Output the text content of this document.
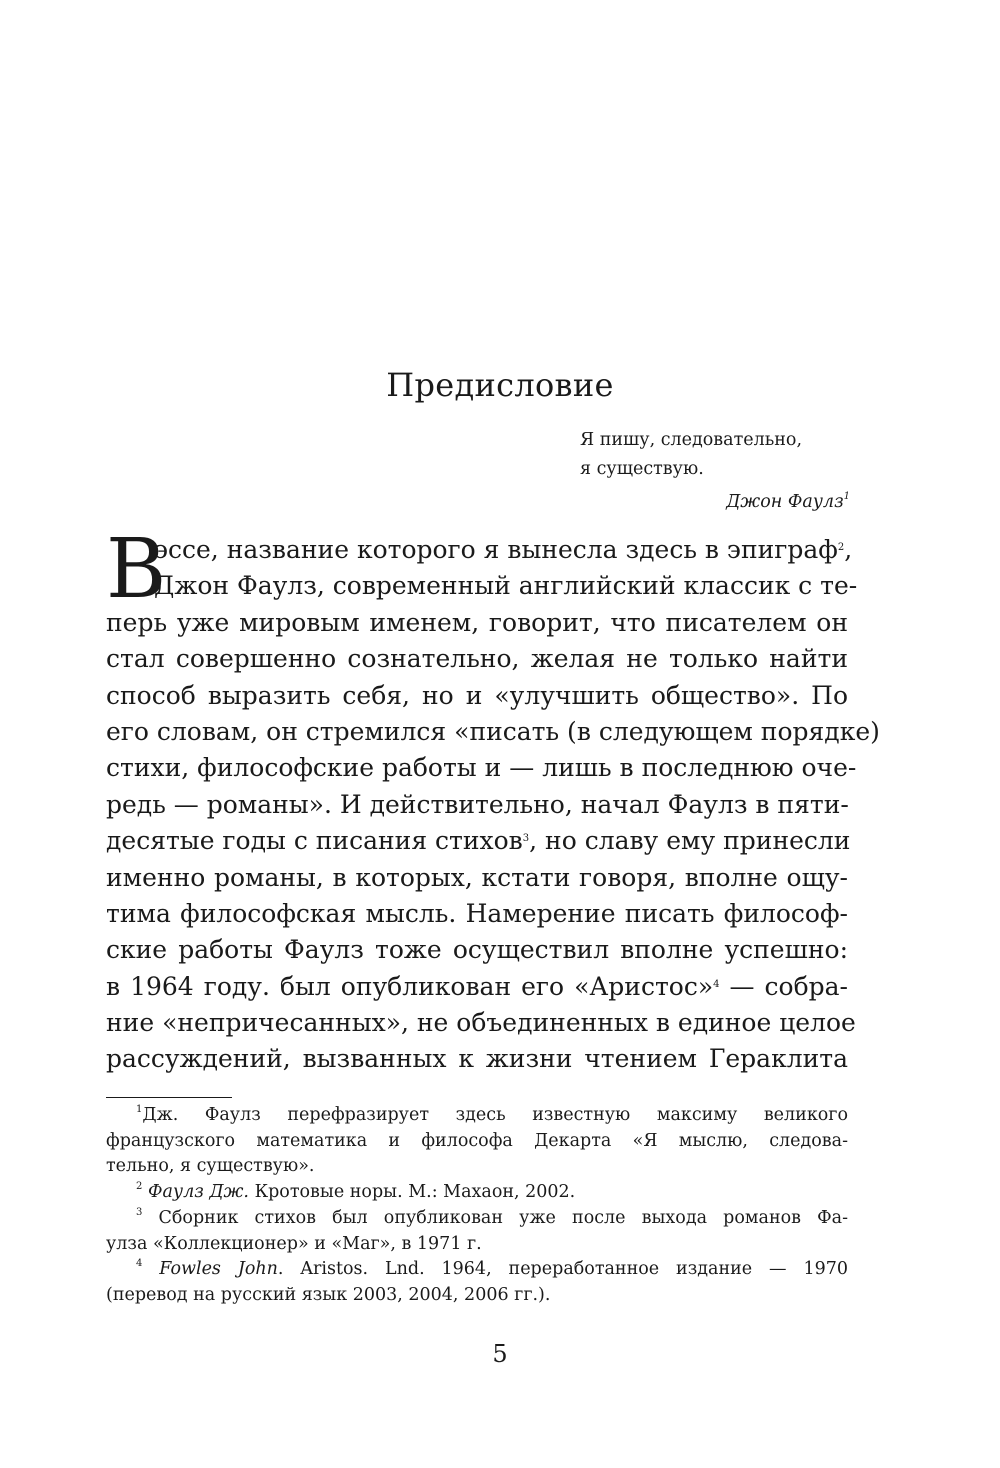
Предисловие
Я пишу, следовательно,
я существую.
Джон Фаулз$^1$
В
эссе, название которого я вынесла здесь в эпиграф$^2$,
Джон Фаулз, современный английский классик с те-
перь уже мировым именем, говорит, что писателем он
стал совершенно сознательно, желая не только найти
способ выразить себя, но и «улучшить общество». По
его словам, он стремился «писать (в следующем порядке)
стихи, философские работы и — лишь в последнюю оче-
редь — романы». И действительно, начал Фаулз в пяти-
десятые годы с писания стихов$^3$, но славу ему принесли
именно романы, в которых, кстати говоря, вполне ощу-
тима философская мысль. Намерение писать философ-
ские работы Фаулз тоже осуществил вполне успешно:
в 1964 году. был опубликован его «Аристос»$^4$ — собра-
ние «непричесанных», не объединенных в единое целое
рассуждений, вызванных к жизни чтением Гераклита
$^1$Дж. Фаулз перефразирует здесь известную максиму великого
французского математика и философа Декарта «Я мыслю, следова-
тельно, я существую».
$^2$ Фаулз Дж. Кротовые норы. М.: Махаон, 2002.
$^3$ Сборник стихов был опубликован уже после выхода романов Фа-
улза «Коллекционер» и «Маг», в 1971 г.
$^4$ Fowles John. Aristos. Lnd. 1964, переработанное издание — 1970
(перевод на русский язык 2003, 2004, 2006 гг.).
5
